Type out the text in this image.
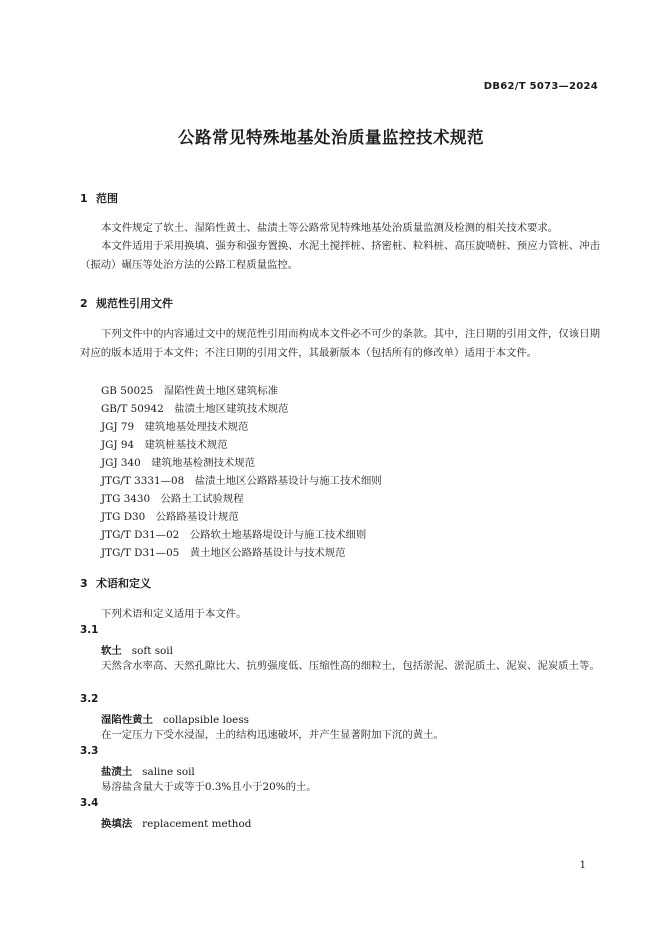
DB62/T 5073—2024
公路常见特殊地基处治质量监控技术规范
1 范围
本文件规定了软土、湿陷性黄土、盐渍土等公路常见特殊地基处治质量监测及检测的相关技术要求。
本文件适用于采用换填、强夯和强夯置换、水泥土搅拌桩、挤密桩、粒料桩、高压旋喷桩、预应力管桩、冲击（振动）碾压等处治方法的公路工程质量监控。
2 规范性引用文件
下列文件中的内容通过文中的规范性引用而构成本文件必不可少的条款。其中，注日期的引用文件，仅该日期对应的版本适用于本文件；不注日期的引用文件，其最新版本（包括所有的修改单）适用于本文件。
GB 50025  湿陷性黄土地区建筑标准
GB/T 50942  盐渍土地区建筑技术规范
JGJ 79  建筑地基处理技术规范
JGJ 94  建筑桩基技术规范
JGJ 340  建筑地基检测技术规范
JTG/T 3331—08  盐渍土地区公路路基设计与施工技术细则
JTG 3430  公路土工试验规程
JTG D30  公路路基设计规范
JTG/T D31—02  公路软土地基路堤设计与施工技术细则
JTG/T D31—05  黄土地区公路路基设计与技术规范
3 术语和定义
下列术语和定义适用于本文件。
3.1
软土 soft soil
天然含水率高、天然孔隙比大、抗剪强度低、压缩性高的细粒土，包括淤泥、淤泥质土、泥炭、泥炭质土等。
3.2
湿陷性黄土 collapsible loess
在一定压力下受水浸湿，土的结构迅速破坏，并产生显著附加下沉的黄土。
3.3
盐渍土 saline soil
易溶盐含量大于或等于0.3%且小于20%的土。
3.4
换填法 replacement method
1
